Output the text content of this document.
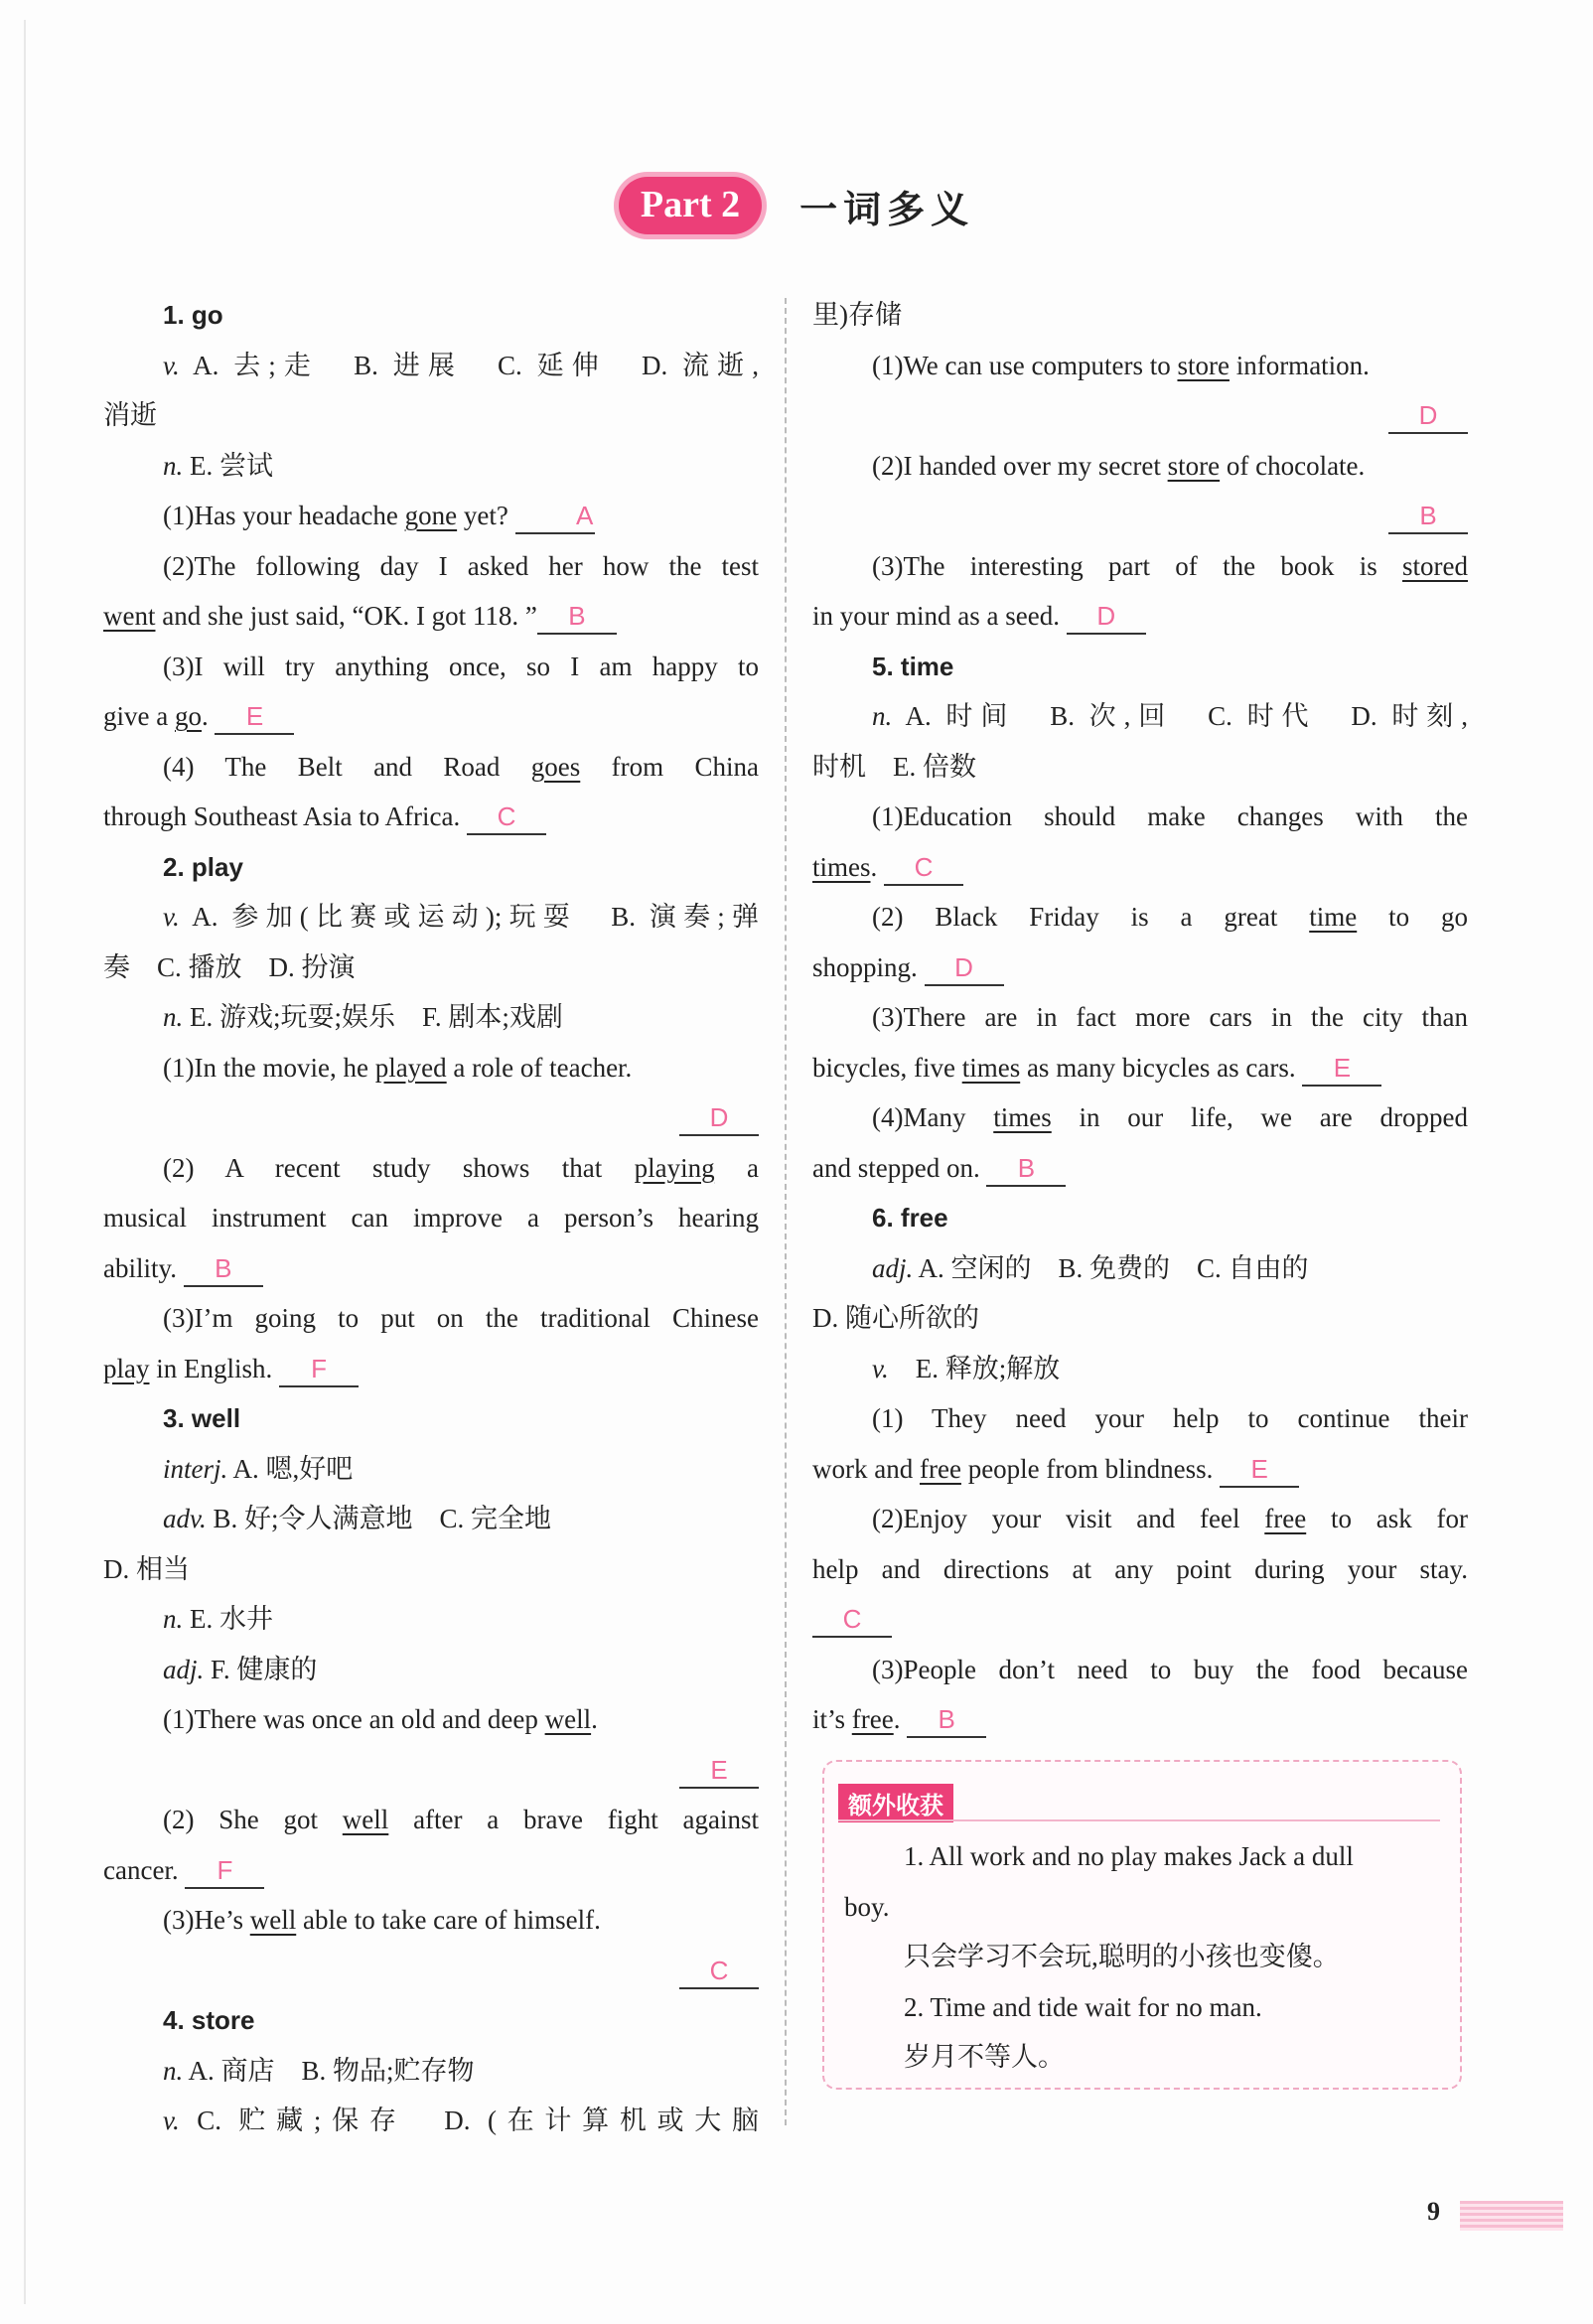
Part 2 一词多义

1. go

v. A. 去;走　B. 进展　C. 延伸　D. 流逝,

消逝

n. E. 尝试

(1)Has your headache gone yet? A

(2)The following day I asked her how the test

went and she just said, “OK. I got 118. ” B

(3)I will try anything once, so I am happy to

give a go. E

(4) The Belt and Road goes from China

through Southeast Asia to Africa. C

2. play

v. A. 参加(比赛或运动);玩耍　B. 演奏;弹

奏　C. 播放　D. 扮演

n. E. 游戏;玩耍;娱乐　F. 剧本;戏剧

(1)In the movie, he played a role of teacher.

D

(2) A recent study shows that playing a

musical instrument can improve a person’s hearing

ability. B

(3)I’m going to put on the traditional Chinese

play in English. F

3. well

interj. A. 嗯,好吧

adv. B. 好;令人满意地　C. 完全地

D. 相当

n. E. 水井

adj. F. 健康的

(1)There was once an old and deep well.

E

(2) She got well after a brave fight against

cancer. F

(3)He’s well able to take care of himself.

C

4. store

n. A. 商店　B. 物品;贮存物

v. C. 贮藏;保存　D. (在计算机或大脑

里)存储

(1)We can use computers to store information.

D

(2)I handed over my secret store of chocolate.

B

(3)The interesting part of the book is stored

in your mind as a seed. D

5. time

n. A. 时间　B. 次,回　C. 时代　D. 时刻,

时机　E. 倍数

(1)Education should make changes with the

times. C

(2) Black Friday is a great time to go

shopping. D

(3)There are in fact more cars in the city than

bicycles, five times as many bicycles as cars. E

(4)Many times in our life, we are dropped

and stepped on. B

6. free

adj. A. 空闲的　B. 免费的　C. 自由的

D. 随心所欲的

v.　E. 释放;解放

(1) They need your help to continue their

work and free people from blindness. E

(2)Enjoy your visit and feel free to ask for

help and directions at any point during your stay.

C

(3)People don’t need to buy the food because

it’s free. B

额外收获

1. All work and no play makes Jack a dull

boy.

只会学习不会玩,聪明的小孩也变傻。

2. Time and tide wait for no man.

岁月不等人。

9
